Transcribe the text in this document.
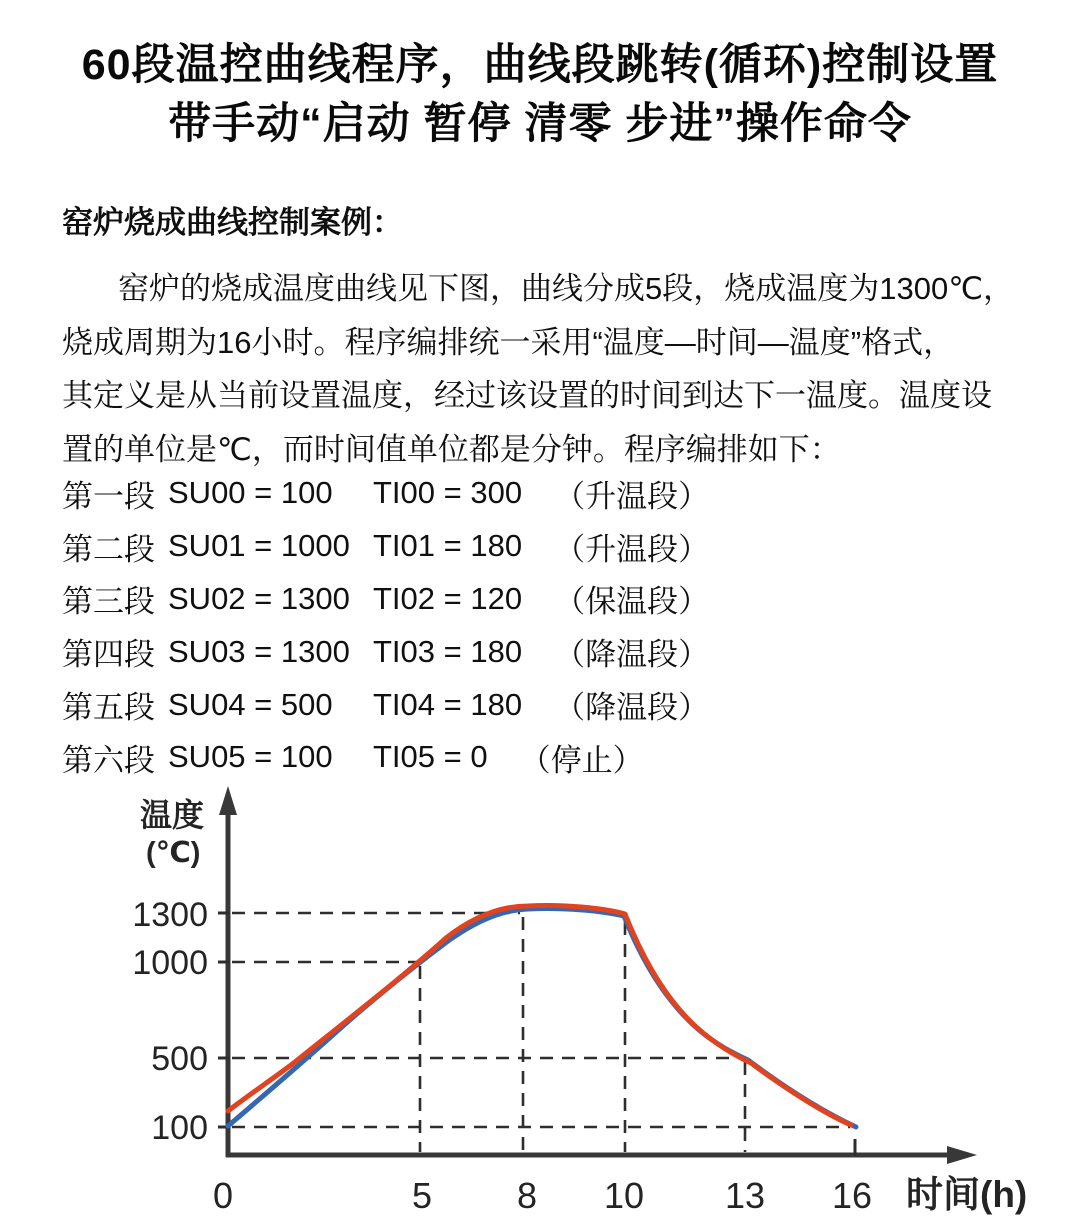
60段温控曲线程序，曲线段跳转(循环)控制设置
带手动“启动 暂停 清零 步进”操作命令
窑炉烧成曲线控制案例：
窑炉的烧成温度曲线见下图，曲线分成5段，烧成温度为1300℃，
烧成周期为16小时。程序编排统一采用“温度—时间—温度”格式，
其定义是从当前设置温度，经过该设置的时间到达下一温度。温度设
置的单位是℃，而时间值单位都是分钟。程序编排如下：
第一段 SU00 = 100	TI00 = 300 （升温段）
第二段 SU01 = 1000 TI01 = 180 （升温段）
第三段 SU02 = 1300 TI02 = 120 （保温段）
第四段 SU03 = 1300 TI03 = 180 （降温段）
第五段 SU04 = 500	TI04 = 180 （降温段）
第六段 SU05 = 100	TI05 = 0 （停止）
温度
(℃)
时间(h)
1300
1000
500
100
0	5 8 10 13 16
